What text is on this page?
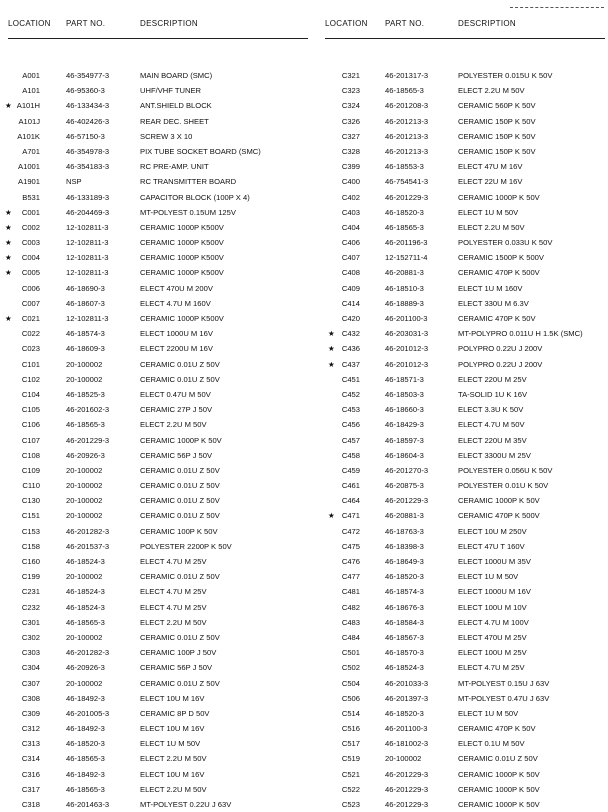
LOCATION PART NO.	DESCRIPTION
A001	46-354977-3	MAIN BOARD (SMC)
A101	46-95360-3	UHF/VHF TUNER
★ A101H	46-133434-3	ANT.SHIELD BLOCK
A101J	46-402426-3	REAR DEC. SHEET
A101K	46-57150-3	SCREW 3 X 10
A701	46-354978-3	PIX TUBE SOCKET BOARD (SMC)
A1001	46-354183-3	RC PRE-AMP. UNIT
A1901	NSP	RC TRANSMITTER BOARD
B531	46-133189-3	CAPACITOR BLOCK (100P X 4)
★	C001	46-204469-3	MT-POLYEST 0.15UM 125V
★	C002	12-102811-3	CERAMIC 1000P K500V
★	C003	12-102811-3	CERAMIC 1000P K500V
★	C004	12-102811-3	CERAMIC 1000P K500V
★	C005	12-102811-3	CERAMIC 1000P K500V
C006	46-18690-3	ELECT 470U M 200V
C007	46-18607-3	ELECT 4.7U M 160V
★	C021	12-102811-3	CERAMIC 1000P K500V
C022	46-18574-3	ELECT 1000U M 16V
C023	46-18609-3	ELECT 2200U M 16V
C101	20-100002	CERAMIC 0.01U Z 50V
C102	20-100002	CERAMIC 0.01U Z 50V
C104	46-18525-3	ELECT 0.47U M 50V
C105	46-201602-3	CERAMIC 27P J 50V
C106	46-18565-3	ELECT 2.2U M 50V
C107	46-201229-3	CERAMIC 1000P K 50V
C108	46-20926-3	CERAMIC 56P J 50V
C109	20-100002	CERAMIC 0.01U Z 50V
C110	20-100002	CERAMIC 0.01U Z 50V
C130	20-100002	CERAMIC 0.01U Z 50V
C151	20-100002	CERAMIC 0.01U Z 50V
C153	46-201282-3	CERAMIC 100P K 50V
C158	46-201537-3	POLYESTER 2200P K 50V
C160	46-18524-3	ELECT 4.7U M 25V
C199	20-100002	CERAMIC 0.01U Z 50V
C231	46-18524-3	ELECT 4.7U M 25V
C232	46-18524-3	ELECT 4.7U M 25V
C301	46-18565-3	ELECT 2.2U M 50V
C302	20-100002	CERAMIC 0.01U Z 50V
C303	46-201282-3	CERAMIC 100P J 50V
C304	46-20926-3	CERAMIC 56P J 50V
C307	20-100002	CERAMIC 0.01U Z 50V
C308	46-18492-3	ELECT 10U M 16V
C309	46-201005-3	CERAMIC 8P D 50V
C312	46-18492-3	ELECT 10U M 16V
C313	46-18520-3	ELECT 1U M 50V
C314	46-18565-3	ELECT 2.2U M 50V
C316	46-18492-3	ELECT 10U M 16V
C317	46-18565-3	ELECT 2.2U M 50V
C318	46-201463-3	MT-POLYEST 0.22U J 63V
LOCATION PART NO.	DESCRIPTION
C321	46-201317-3	POLYESTER 0.015U K 50V
C323	46-18565-3	ELECT 2.2U M 50V
C324	46-201208-3	CERAMIC 560P K 50V
C326	46-201213-3	CERAMIC 150P K 50V
C327	46-201213-3	CERAMIC 150P K 50V
C328	46-201213-3	CERAMIC 150P K 50V
C399	46-18553-3	ELECT 47U M 16V
C400	46-754541-3	ELECT 22U M 16V
C402	46-201229-3	CERAMIC 1000P K 50V
C403	46-18520-3	ELECT 1U M 50V
C404	46-18565-3	ELECT 2.2U M 50V
C406	46-201196-3	POLYESTER 0.033U K 50V
C407	12-152711-4	CERAMIC 1500P K 500V
C408	46-20881-3	CERAMIC 470P K 500V
C409	46-18510-3	ELECT 1U M 160V
C414	46-18889-3	ELECT 330U M 6.3V
C420	46-201100-3	CERAMIC 470P K 50V
★ C432	46-203031-3	MT-POLYPRO 0.011U H 1.5K (SMC)
★ C436	46-201012-3	POLYPRO 0.22U J 200V
★ C437	46-201012-3	POLYPRO 0.22U J 200V
C451	46-18571-3	ELECT 220U M 25V
C452	46-18503-3	TA-SOLID 1U K 16V
C453	46-18660-3	ELECT 3.3U K 50V
C456	46-18429-3	ELECT 4.7U M 50V
C457	46-18597-3	ELECT 220U M 35V
C458	46-18604-3	ELECT 3300U M 25V
C459	46-201270-3	POLYESTER 0.056U K 50V
C461	46-20875-3	POLYESTER 0.01U K 50V
C464	46-201229-3	CERAMIC 1000P K 50V
★ C471	46-20881-3	CERAMIC 470P K 500V
C472	46-18763-3	ELECT 10U M 250V
C475	46-18398-3	ELECT 47U T 160V
C476	46-18649-3	ELECT 1000U M 35V
C477	46-18520-3	ELECT 1U M 50V
C481	46-18574-3	ELECT 1000U M 16V
C482	46-18676-3	ELECT 100U M 10V
C483	46-18584-3	ELECT 4.7U M 100V
C484	46-18567-3	ELECT 470U M 25V
C501	46-18570-3	ELECT 100U M 25V
C502	46-18524-3	ELECT 4.7U M 25V
C504	46-201033-3	MT-POLYEST 0.15U J 63V
C506	46-201397-3	MT-POLYEST 0.47U J 63V
C514	46-18520-3	ELECT 1U M 50V
C516	46-201100-3	CERAMIC 470P K 50V
C517	46-181002-3	ELECT 0.1U M 50V
C519	20-100002	CERAMIC 0.01U Z 50V
C521	46-201229-3	CERAMIC 1000P K 50V
C522	46-201229-3	CERAMIC 1000P K 50V
C523	46-201229-3	CERAMIC 1000P K 50V
